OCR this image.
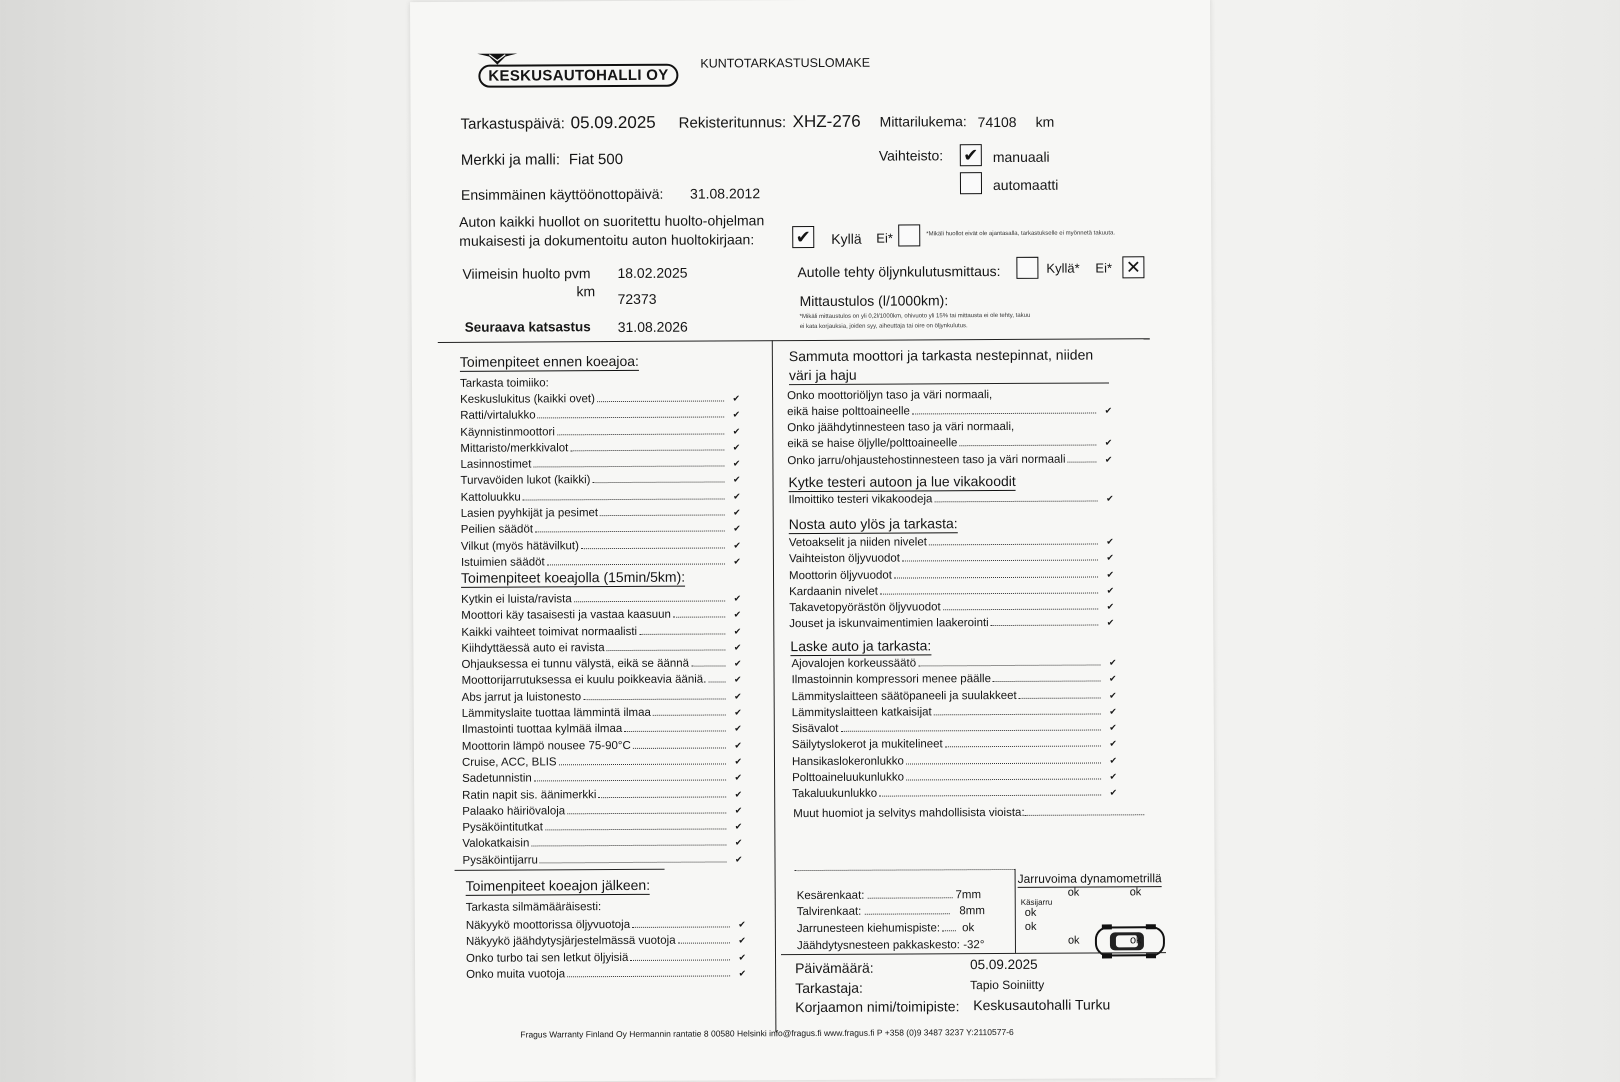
KESKUSAUTOHALLI OY
KUNTOTARKASTUSLOMAKE
Tarkastuspäivä: 05.09.2025 Rekisteritunnus: XHZ-276 Mittarilukema: 74108 km
Merkki ja malli: Fiat 500	Vaihteisto: ✔ manuaali
automaatti
Ensimmäinen käyttöönottopäivä: 31.08.2012
Auton kaikki huollot on suoritettu huolto-ohjelman
mukaisesti ja dokumentoitu auton huoltokirjaan: ✔ Kyllä Ei*	*Mikäli huollot eivät ole ajantasalla, tarkastukselle ei myönnetä takuuta.
Viimeisin huolto pvm 18.02.2025
km 72373
Seuraava katsastus 31.08.2026
Autolle tehty öljynkulutusmittaus:	Kyllä* Ei* ✕
Mittaustulos (l/1000km):
*Mikäli mittaustulos on yli 0,2l/1000km, ohivuoto yli 15% tai mittausta ei ole tehty, takuu
ei kata korjauksia, joiden syy, aiheuttaja tai oire on öljynkulutus.
Toimenpiteet ennen koeajoa:
Tarkasta toimiiko:
Keskuslukitus (kaikki ovet)	✔
Ratti/virtalukko	✔
Käynnistinmoottori	✔
Mittaristo/merkkivalot	✔
Lasinnostimet	✔
Turvavöiden lukot (kaikki)	✔
Kattoluukku	✔
Lasien pyyhkijät ja pesimet	✔
Peilien säädöt	✔
Vilkut (myös hätävilkut)	✔
Istuimien säädöt	✔
Toimenpiteet koeajolla (15min/5km):
Kytkin ei luista/ravista	✔
Moottori käy tasaisesti ja vastaa kaasuun	✔
Kaikki vaihteet toimivat normaalisti	✔
Kiihdyttäessä auto ei ravista	✔
Ohjauksessa ei tunnu välystä, eikä se äännä	✔
Moottorijarrutuksessa ei kuulu poikkeavia ääniä.	✔
Abs jarrut ja luistonesto	✔
Lämmityslaite tuottaa lämmintä ilmaa	✔
Ilmastointi tuottaa kylmää ilmaa	✔
Moottorin lämpö nousee 75-90°C	✔
Cruise, ACC, BLIS	✔
Sadetunnistin	✔
Ratin napit sis. äänimerkki	✔
Palaako häiriövaloja	✔
Pysäköintitutkat	✔
Valokatkaisin	✔
Pysäköintijarru	✔
Toimenpiteet koeajon jälkeen:
Tarkasta silmämääräisesti:
Näkyykö moottorissa öljyvuotoja	✔
Näkyykö jäähdytysjärjestelmässä vuotoja	✔
Onko turbo tai sen letkut öljyisiä	✔
Onko muita vuotoja	✔
Sammuta moottori ja tarkasta nestepinnat, niiden
väri ja haju
Onko moottoriöljyn taso ja väri normaali,
eikä haise polttoaineelle	✔
Onko jäähdytinnesteen taso ja väri normaali,
eikä se haise öljylle/polttoaineelle	✔
Onko jarru/ohjaustehostinnesteen taso ja väri normaali	✔
Kytke testeri autoon ja lue vikakoodit
Ilmoittiko testeri vikakoodeja	✔
Nosta auto ylös ja tarkasta:
Vetoakselit ja niiden nivelet	✔
Vaihteiston öljyvuodot	✔
Moottorin öljyvuodot	✔
Kardaanin nivelet	✔
Takavetopyörästön öljyvuodot	✔
Jouset ja iskunvaimentimien laakerointi	✔
Laske auto ja tarkasta:
Ajovalojen korkeussäätö	✔
Ilmastoinnin kompressori menee päälle	✔
Lämmityslaitteen säätöpaneeli ja suulakkeet	✔
Lämmityslaitteen katkaisijat	✔
Sisävalot	✔
Säilytyslokerot ja mukitelineet	✔
Hansikaslokeronlukko	✔
Polttoaineluukunlukko	✔
Takaluukunlukko	✔
Muut huomiot ja selvitys mahdollisista vioista:
Jarruvoima dynamometrillä
Kesärenkaat:	7mm
Talvirenkaat:	8mm
Jarrunesteen kiehumispiste: ok
Jäähdytysnesteen pakkaskesto: -32°
ok	ok
Käsijarru
ok
ok
ok	ok
Päivämäärä:	05.09.2025
Tarkastaja:	Tapio Soiniitty
Korjaamon nimi/toimipiste: Keskusautohalli Turku
Fragus Warranty Finland Oy Hermannin rantatie 8 00580 Helsinki info@fragus.fi www.fragus.fi P +358 (0)9 3487 3237 Y:2110577-6
